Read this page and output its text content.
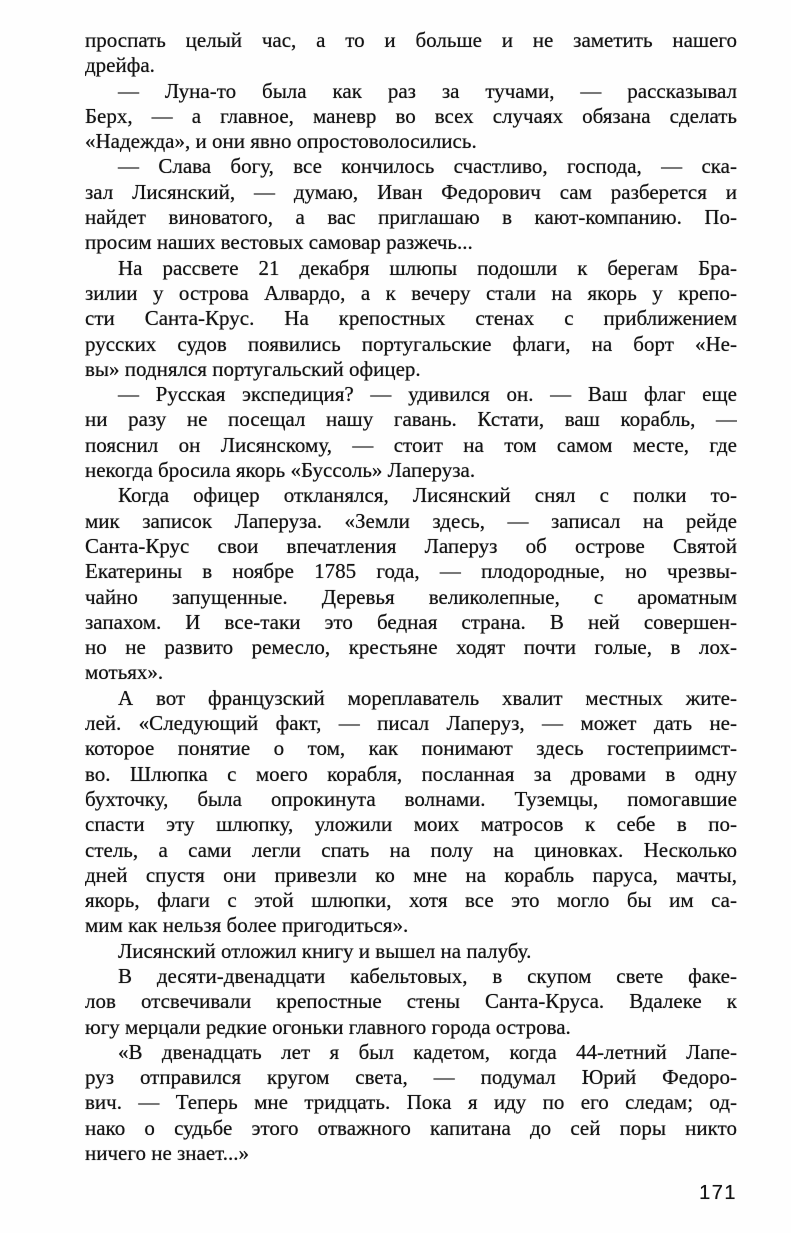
проспать целый час, а то и больше и не заметить нашего
дрейфа.

— Луна-то была как раз за тучами, — рассказывал
Берх, — а главное, маневр во всех случаях обязана сделать
«Надежда», и они явно опростоволосились.

— Слава богу, все кончилось счастливо, господа, — ска-
зал Лисянский, — думаю, Иван Федорович сам разберется и
найдет виноватого, а вас приглашаю в кают-компанию. По-
просим наших вестовых самовар разжечь...

На рассвете 21 декабря шлюпы подошли к берегам Бра-
зилии у острова Алвардо, а к вечеру стали на якорь у крепо-
сти Санта-Крус. На крепостных стенах с приближением
русских судов появились португальские флаги, на борт «Не-
вы» поднялся португальский офицер.

— Русская экспедиция? — удивился он. — Ваш флаг еще
ни разу не посещал нашу гавань. Кстати, ваш корабль, —
пояснил он Лисянскому, — стоит на том самом месте, где
некогда бросила якорь «Буссоль» Лаперуза.

Когда офицер откланялся, Лисянский снял с полки то-
мик записок Лаперуза. «Земли здесь, — записал на рейде
Санта-Крус свои впечатления Лаперуз об острове Святой
Екатерины в ноябре 1785 года, — плодородные, но чрезвы-
чайно запущенные. Деревья великолепные, с ароматным
запахом. И все-таки это бедная страна. В ней совершен-
но не развито ремесло, крестьяне ходят почти голые, в лох-
мотьях».

А вот французский мореплаватель хвалит местных жите-
лей. «Следующий факт, — писал Лаперуз, — может дать не-
которое понятие о том, как понимают здесь гостеприимст-
во. Шлюпка с моего корабля, посланная за дровами в одну
бухточку, была опрокинута волнами. Туземцы, помогавшие
спасти эту шлюпку, уложили моих матросов к себе в по-
стель, а сами легли спать на полу на циновках. Несколько
дней спустя они привезли ко мне на корабль паруса, мачты,
якорь, флаги с этой шлюпки, хотя все это могло бы им са-
мим как нельзя более пригодиться».

Лисянский отложил книгу и вышел на палубу.

В десяти-двенадцати кабельтовых, в скупом свете факе-
лов отсвечивали крепостные стены Санта-Круса. Вдалеке к
югу мерцали редкие огоньки главного города острова.

«В двенадцать лет я был кадетом, когда 44-летний Лапе-
руз отправился кругом света, — подумал Юрий Федоро-
вич. — Теперь мне тридцать. Пока я иду по его следам; од-
нако о судьбе этого отважного капитана до сей поры никто
ничего не знает...»

171
